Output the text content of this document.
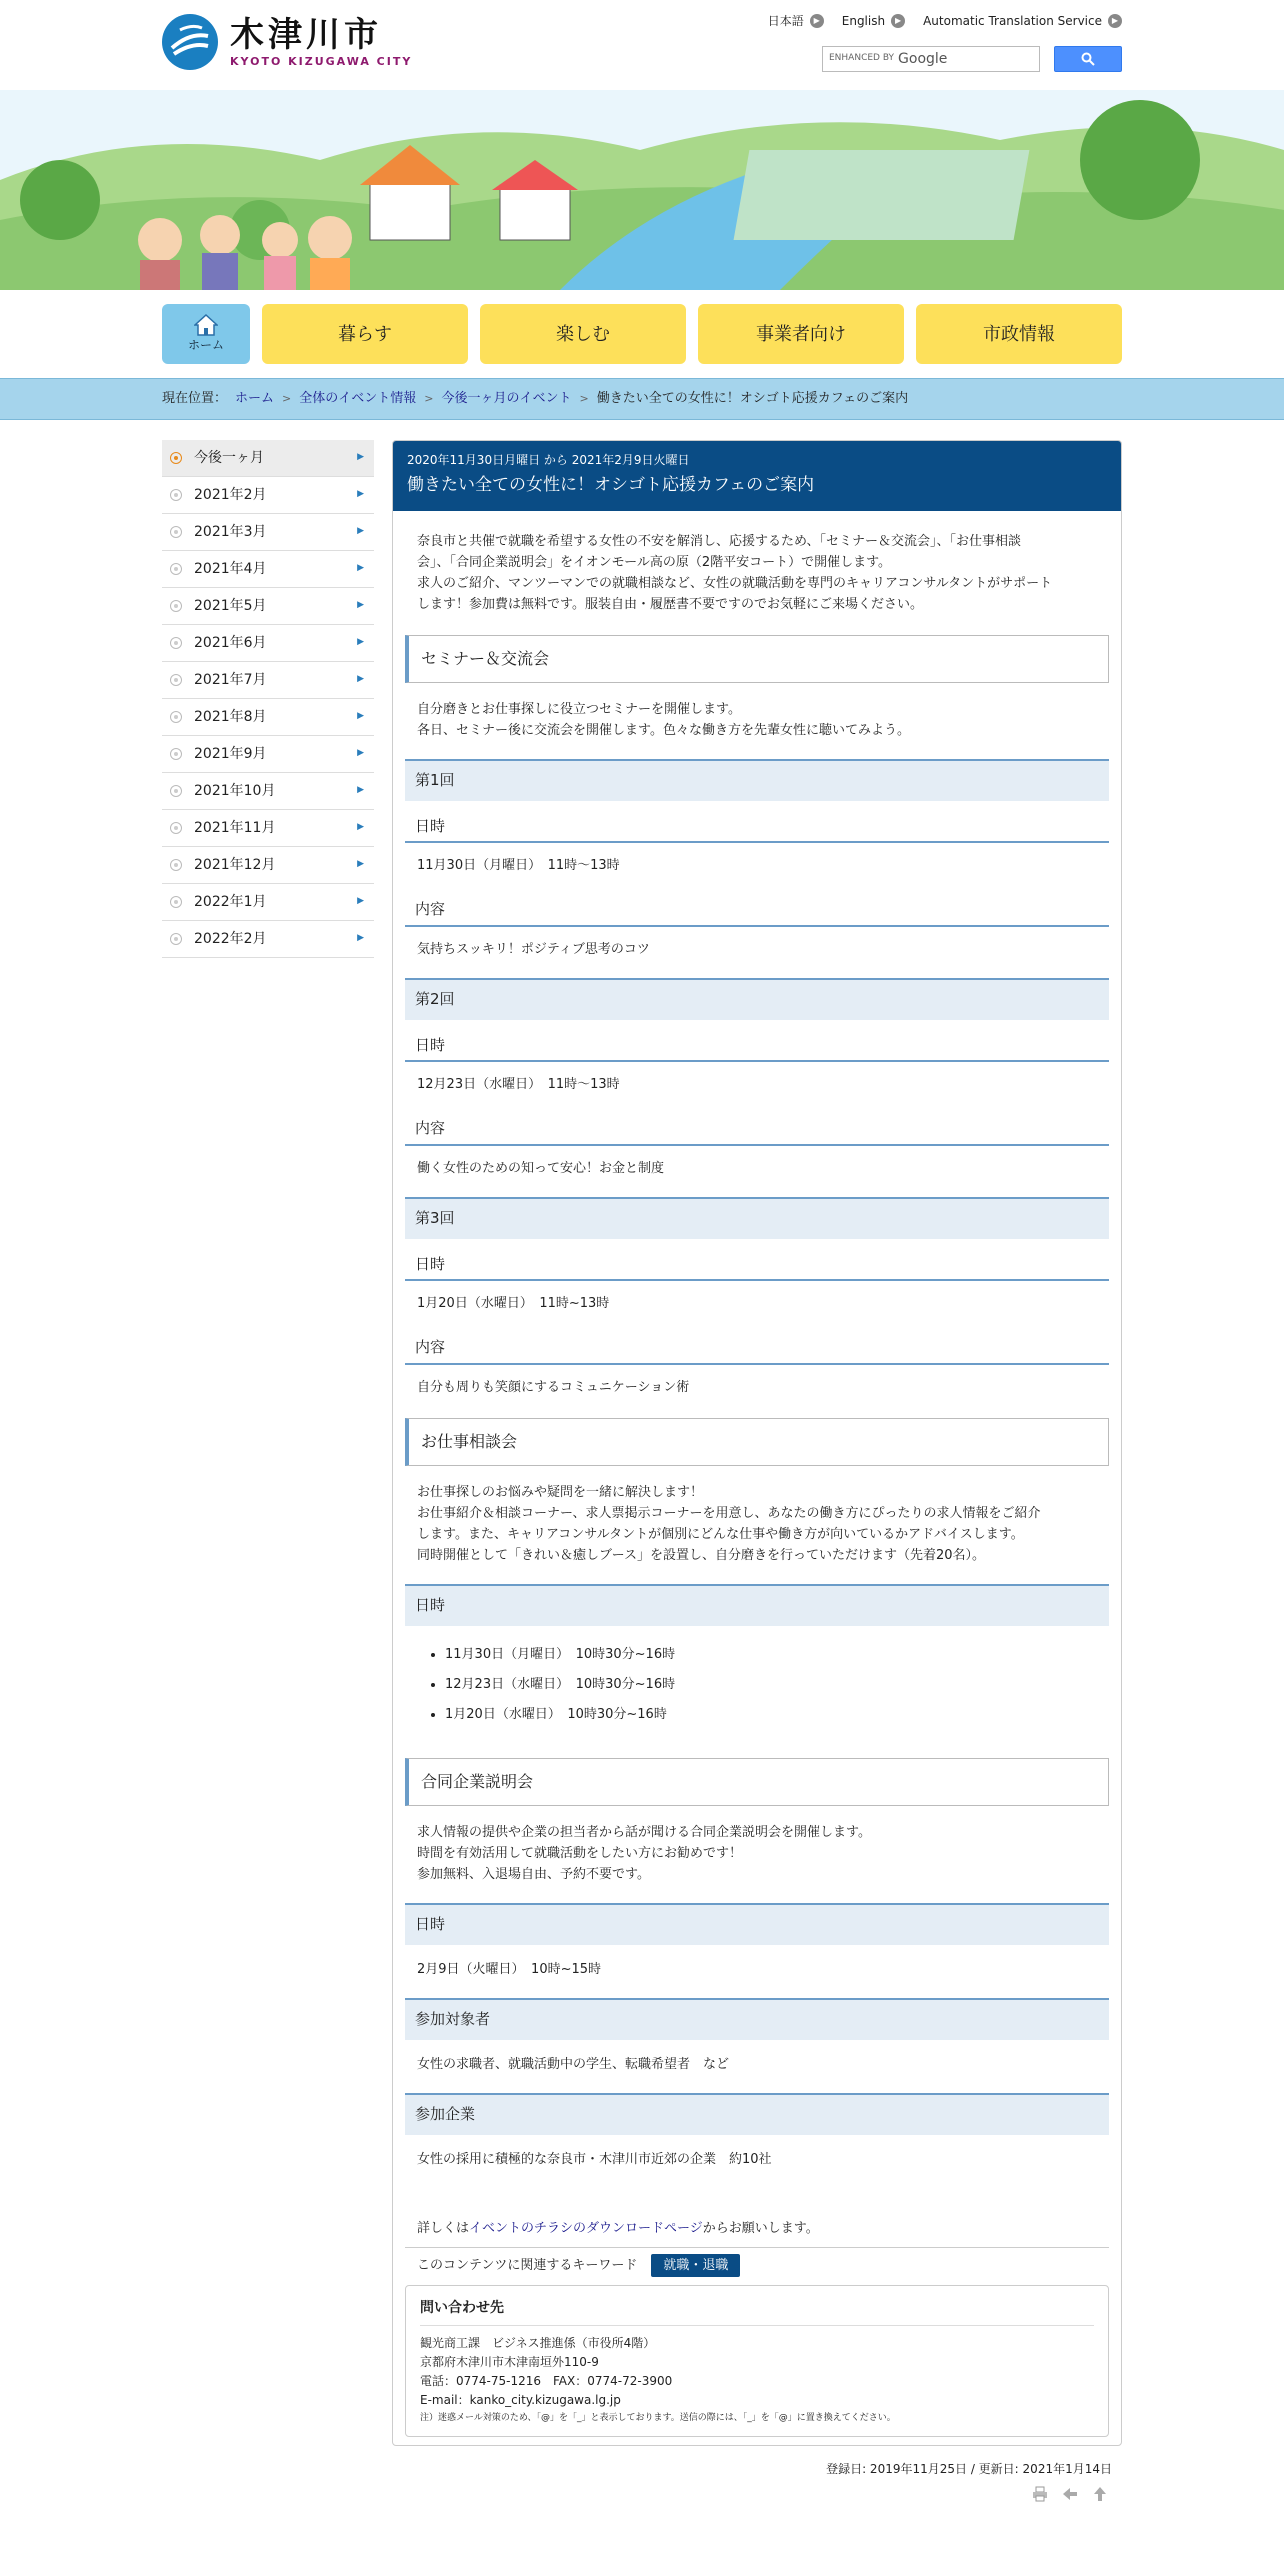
木津川市
KYOTO KIZUGAWA CITY
日本語	▶	English	▶	Automatic Translation Service	▶
ENHANCED BY Google
ホーム
暮らす	楽しむ	事業者向け	市政情報
現在位置： ホーム > 全体のイベント情報 > 今後一ヶ月のイベント > 働きたい全ての女性に！オシゴト応援カフェのご案内
今後一ヶ月	▶
2021年2月	▶
2021年3月	▶
2021年4月	▶
2021年5月	▶
2021年6月	▶
2021年7月	▶
2021年8月	▶
2021年9月	▶
2021年10月	▶
2021年11月	▶
2021年12月	▶
2022年1月	▶
2022年2月	▶
2020年11月30日月曜日 から 2021年2月9日火曜日
働きたい全ての女性に！オシゴト応援カフェのご案内

奈良市と共催で就職を希望する女性の不安を解消し、応援するため、「セミナー＆交流会」、「お仕事相談
会」、「合同企業説明会」をイオンモール高の原（2階平安コート）で開催します。
求人のご紹介、マンツーマンでの就職相談など、女性の就職活動を専門のキャリアコンサルタントがサポート
します！参加費は無料です。服装自由・履歴書不要ですのでお気軽にご来場ください。

セミナー＆交流会

自分磨きとお仕事探しに役立つセミナーを開催します。
各日、セミナー後に交流会を開催します。色々な働き方を先輩女性に聴いてみよう。

第1回
日時

11月30日（月曜日）　11時～13時

内容

気持ちスッキリ！ポジティブ思考のコツ

第2回
日時

12月23日（水曜日）　11時～13時

内容

働く女性のための知って安心！お金と制度

第3回
日時

1月20日（水曜日）　11時~13時

内容

自分も周りも笑顔にするコミュニケーション術

お仕事相談会

お仕事探しのお悩みや疑問を一緒に解決します！
お仕事紹介＆相談コーナー、求人票掲示コーナーを用意し、あなたの働き方にぴったりの求人情報をご紹介
します。また、キャリアコンサルタントが個別にどんな仕事や働き方が向いているかアドバイスします。
同時開催として「きれい＆癒しブース」を設置し、自分磨きを行っていただけます（先着20名）。

日時
• 11月30日（月曜日）　10時30分~16時
• 12月23日（水曜日）　10時30分~16時
• 1月20日（水曜日）　10時30分~16時
合同企業説明会

求人情報の提供や企業の担当者から話が聞ける合同企業説明会を開催します。
時間を有効活用して就職活動をしたい方にお勧めです！
参加無料、入退場自由、予約不要です。

日時

2月9日（火曜日）　10時~15時

参加対象者

女性の求職者、就職活動中の学生、転職希望者　など

参加企業

女性の採用に積極的な奈良市・木津川市近郊の企業　約10社

詳しくはイベントのチラシのダウンロードページからお願いします。

このコンテンツに関連するキーワード	就職・退職
問い合わせ先
観光商工課　ビジネス推進係（市役所4階）
京都府木津川市木津南垣外110-9
電話：0774-75-1216　FAX：0774-72-3900
E-mail：kanko_city.kizugawa.lg.jp
注）迷惑メール対策のため、「@」を「_」と表示しております。送信の際には、「_」を「@」に置き換えてください。
登録日: 2019年11月25日 / 更新日: 2021年1月14日
